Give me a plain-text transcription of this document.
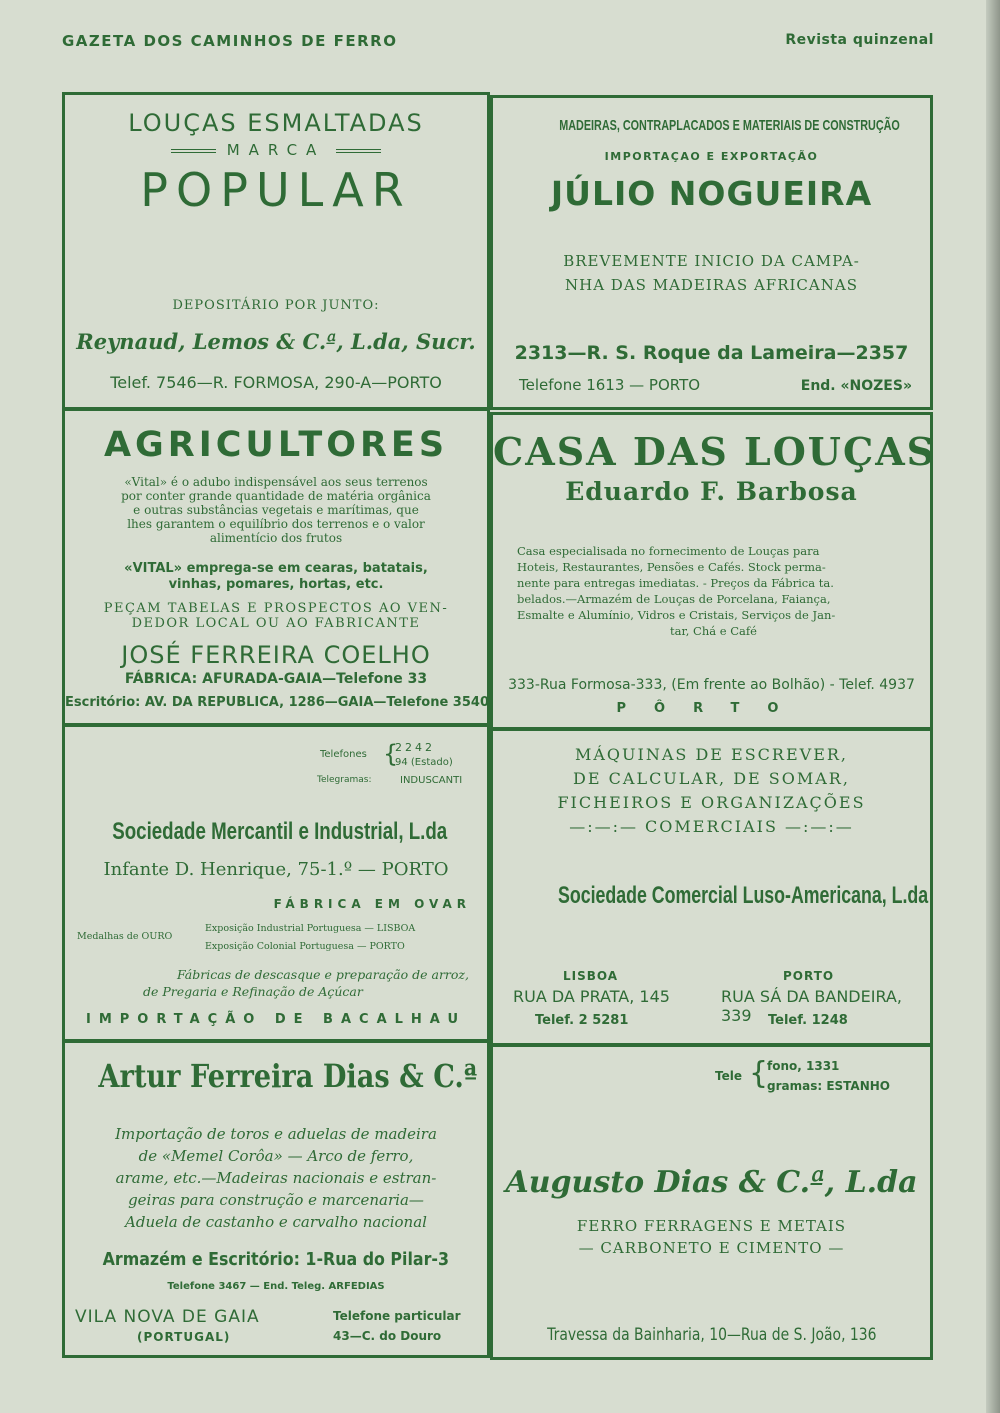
GAZETA DOS CAMINHOS DE FERRO	Revista quinzenal
LOUÇAS ESMALTADAS
MARCA
POPULAR
DEPOSITÁRIO POR JUNTO:
Reynaud, Lemos & C.ª, L.da, Sucr.
Telef. 7546—R. FORMOSA, 290-A—PORTO
MADEIRAS, CONTRAPLACADOS E MATERIAIS DE CONSTRUÇÃO
IMPORTAÇAO E EXPORTAÇÃO
JÚLIO NOGUEIRA
BREVEMENTE INICIO DA CAMPA-
NHA DAS MADEIRAS AFRICANAS
2313—R. S. Roque da Lameira—2357
Telefone 1613 — PORTO	End. «NOZES»
AGRICULTORES
«Vital» é o adubo indispensável aos seus terrenos
por conter grande quantidade de matéria orgânica
e outras substâncias vegetais e marítimas, que
lhes garantem o equilíbrio dos terrenos e o valor
alimentício dos frutos
«VITAL» emprega-se em cearas, batatais,
vinhas, pomares, hortas, etc.
PEÇAM TABELAS E PROSPECTOS AO VEN-
DEDOR LOCAL OU AO FABRICANTE
JOSÉ FERREIRA COELHO
FÁBRICA: AFURADA-GAIA—Telefone 33
Escritório: AV. DA REPUBLICA, 1286—GAIA—Telefone 3540
CASA DAS LOUÇAS
Eduardo F. Barbosa
Casa especialisada no fornecimento de Louças para
Hoteis, Restaurantes, Pensões e Cafés. Stock perma-
nente para entregas imediatas. - Preços da Fábrica ta.
belados.—Armazém de Louças de Porcelana, Faiança,
Esmalte e Alumínio, Vidros e Cristais, Serviços de Jan-
tar, Chá e Café
333-Rua Formosa-333, (Em frente ao Bolhão) - Telef. 4937
PÔRTO
Telefones {
2242
94 (Estado)
Telegramas:	INDUSCANTI
Sociedade Mercantil e Industrial, L.da
Infante D. Henrique, 75-1.º — PORTO
FÁBRICA EM OVAR
Medalhas de OURO
Exposição Industrial Portuguesa — LISBOA
Exposição Colonial Portuguesa — PORTO
Fábricas de descasque e preparação de arroz,
de Pregaria e Refinação de Açúcar
IMPORTAÇÃO DE BACALHAU
MÁQUINAS DE ESCREVER,
DE CALCULAR, DE SOMAR,
FICHEIROS E ORGANIZAÇÕES
—:—:— COMERCIAIS —:—:—
Sociedade Comercial Luso-Americana, L.da
LISBOA
RUA DA PRATA, 145
Telef. 2 5281
PORTO
RUA SÁ DA BANDEIRA, 339	Telef. 1248
Artur Ferreira Dias & C.ª
Importação de toros e aduelas de madeira
de «Memel Corôa» — Arco de ferro,
arame, etc.—Madeiras nacionais e estran-
geiras para construção e marcenaria—
Aduela de castanho e carvalho nacional
Armazém e Escritório: 1-Rua do Pilar-3
Telefone 3467 — End. Teleg. ARFEDIAS
VILA NOVA DE GAIA
(PORTUGAL)
Telefone particular
43—C. do Douro
Tele {
fono, 1331
gramas: ESTANHO
Augusto Dias & C.ª, L.da
FERRO FERRAGENS E METAIS
— CARBONETO E CIMENTO —
Travessa da Bainharia, 10—Rua de S. João, 136
